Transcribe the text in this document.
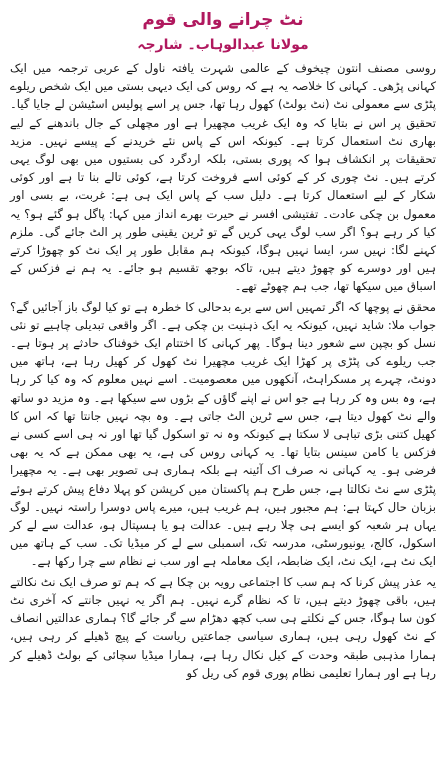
نٹ چرانے والی قوم
مولانا عبدالوہاب۔ شارجہ

روسی مصنف انتون چیخوف کے عالمی شہرت یافتہ ناول کے عربی ترجمہ میں ایک کہانی پڑھی۔ کہانی کا خلاصہ یہ ہے کہ روس کی ایک دیہی بستی میں ایک شخص ریلوے پٹڑی سے معمولی نٹ (نٹ بولٹ) کھول رہا تھا، جس پر اسے پولیس اسٹیشن لے جایا گیا۔ تحقیق پر اس نے بتایا کہ وہ ایک غریب مچھیرا ہے اور مچھلی کے جال باندھنے کے لیے بھاری نٹ استعمال کرتا ہے۔ کیونکہ اس کے پاس نئے خریدنے کے پیسے نہیں۔ مزید تحقیقات پر انکشاف ہوا کہ پوری بستی، بلکہ اردگرد کی بستیوں میں بھی لوگ یہی کرتے ہیں۔ نٹ چوری کر کے کوئی اسے فروخت کرتا ہے، کوئی تالے بنا تا ہے اور کوئی شکار کے لیے استعمال کرتا ہے۔ دلیل سب کے پاس ایک ہی ہے: غربت، بے بسی اور معمول بن چکی عادت۔ تفتیشی افسر نے حیرت بھرے انداز میں کہا: پاگل ہو گئے ہو؟ یہ کیا کر رہے ہو؟ اگر سب لوگ یہی کریں گے تو ٹرین یقینی طور پر الٹ جائے گی۔ ملزم کہنے لگا: نہیں سر، ایسا نہیں ہوگا، کیونکہ ہم مقابل طور پر ایک نٹ کو چھوڑا کرتے ہیں اور دوسرے کو چھوڑ دیتے ہیں، تاکہ بوجھ تقسیم ہو جائے۔ یہ ہم نے فزکس کے اسباق میں سیکھا تھا، جب ہم چھوٹے تھے۔

محقق نے پوچھا کہ اگر تمہیں اس سے برے بدحالی کا خطرہ ہے تو کیا لوگ باز آجائیں گے؟ جواب ملا: شاید نہیں، کیونکہ یہ ایک ذہنیت بن چکی ہے۔ اگر واقعی تبدیلی چاہیے تو نئی نسل کو بچپن سے شعور دینا ہوگا۔ پھر کہانی کا اختتام ایک خوفناک حادثے پر ہوتا ہے۔ جب ریلوے کی پٹڑی پر کھڑا ایک غریب مچھیرا نٹ کھول کر کھیل رہا ہے، ہاتھ میں دونٹ، چہرے پر مسکراہٹ، آنکھوں میں معصومیت۔ اسے نہیں معلوم کہ وہ کیا کر رہا ہے، وہ بس وہ کر رہا ہے جو اس نے اپنے گاؤں کے بڑوں سے سیکھا ہے۔ وہ مزید دو ساتھ والے نٹ کھول دیتا ہے، جس سے ٹرین الٹ جاتی ہے۔ وہ بچہ نہیں جانتا تھا کہ اس کا کھیل کتنی بڑی تباہی لا سکتا ہے کیونکہ وہ نہ تو اسکول گیا تھا اور نہ ہی اسے کسی نے فزکس یا کامن سینس بتایا تھا۔ یہ کہانی روس کی ہے، یہ بھی ممکن ہے کہ یہ بھی فرضی ہو۔ یہ کہانی نہ صرف اک آئینہ ہے بلکہ ہماری ہی تصویر بھی ہے۔ یہ مچھیرا پٹڑی سے نٹ نکالتا ہے، جس طرح ہم پاکستان میں کرپشن کو پہلا دفاع پیش کرتے ہوئے بزبان حال کہتا ہے: ہم مجبور ہیں، ہم غریب ہیں، میرے پاس دوسرا راستہ نہیں۔ لوگ یہاں ہر شعبہ کو ایسے ہی چلا رہے ہیں۔ عدالت ہو یا ہسپتال ہو، عدالت سے لے کر اسکول، کالج، یونیورسٹی، مدرسہ تک، اسمبلی سے لے کر میڈیا تک۔ سب کے ہاتھ میں ایک نٹ ہے، ایک نٹ، ایک ضابطہ، ایک معاملہ ہے اور سب نے نظام سے چرا رکھا ہے۔

یہ عذر پیش کرنا کہ ہم سب کا اجتماعی رویہ بن چکا ہے کہ ہم تو صرف ایک نٹ نکالتے ہیں، باقی چھوڑ دیتے ہیں، تا کہ نظام گرے نہیں۔ ہم اگر یہ نہیں جانتے کہ آخری نٹ کون سا ہوگا، جس کے نکلتے ہی سب کچھ دھڑام سے گر جائے گا؟ ہماری عدالتیں انصاف کے نٹ کھول رہی ہیں، ہماری سیاسی جماعتیں ریاست کے پیچ ڈھیلے کر رہی ہیں، ہمارا مذہبی طبقہ وحدت کے کیل نکال رہا ہے، ہمارا میڈیا سچائی کے بولٹ ڈھیلے کر رہا ہے اور ہمارا تعلیمی نظام پوری قوم کی ریل کو
